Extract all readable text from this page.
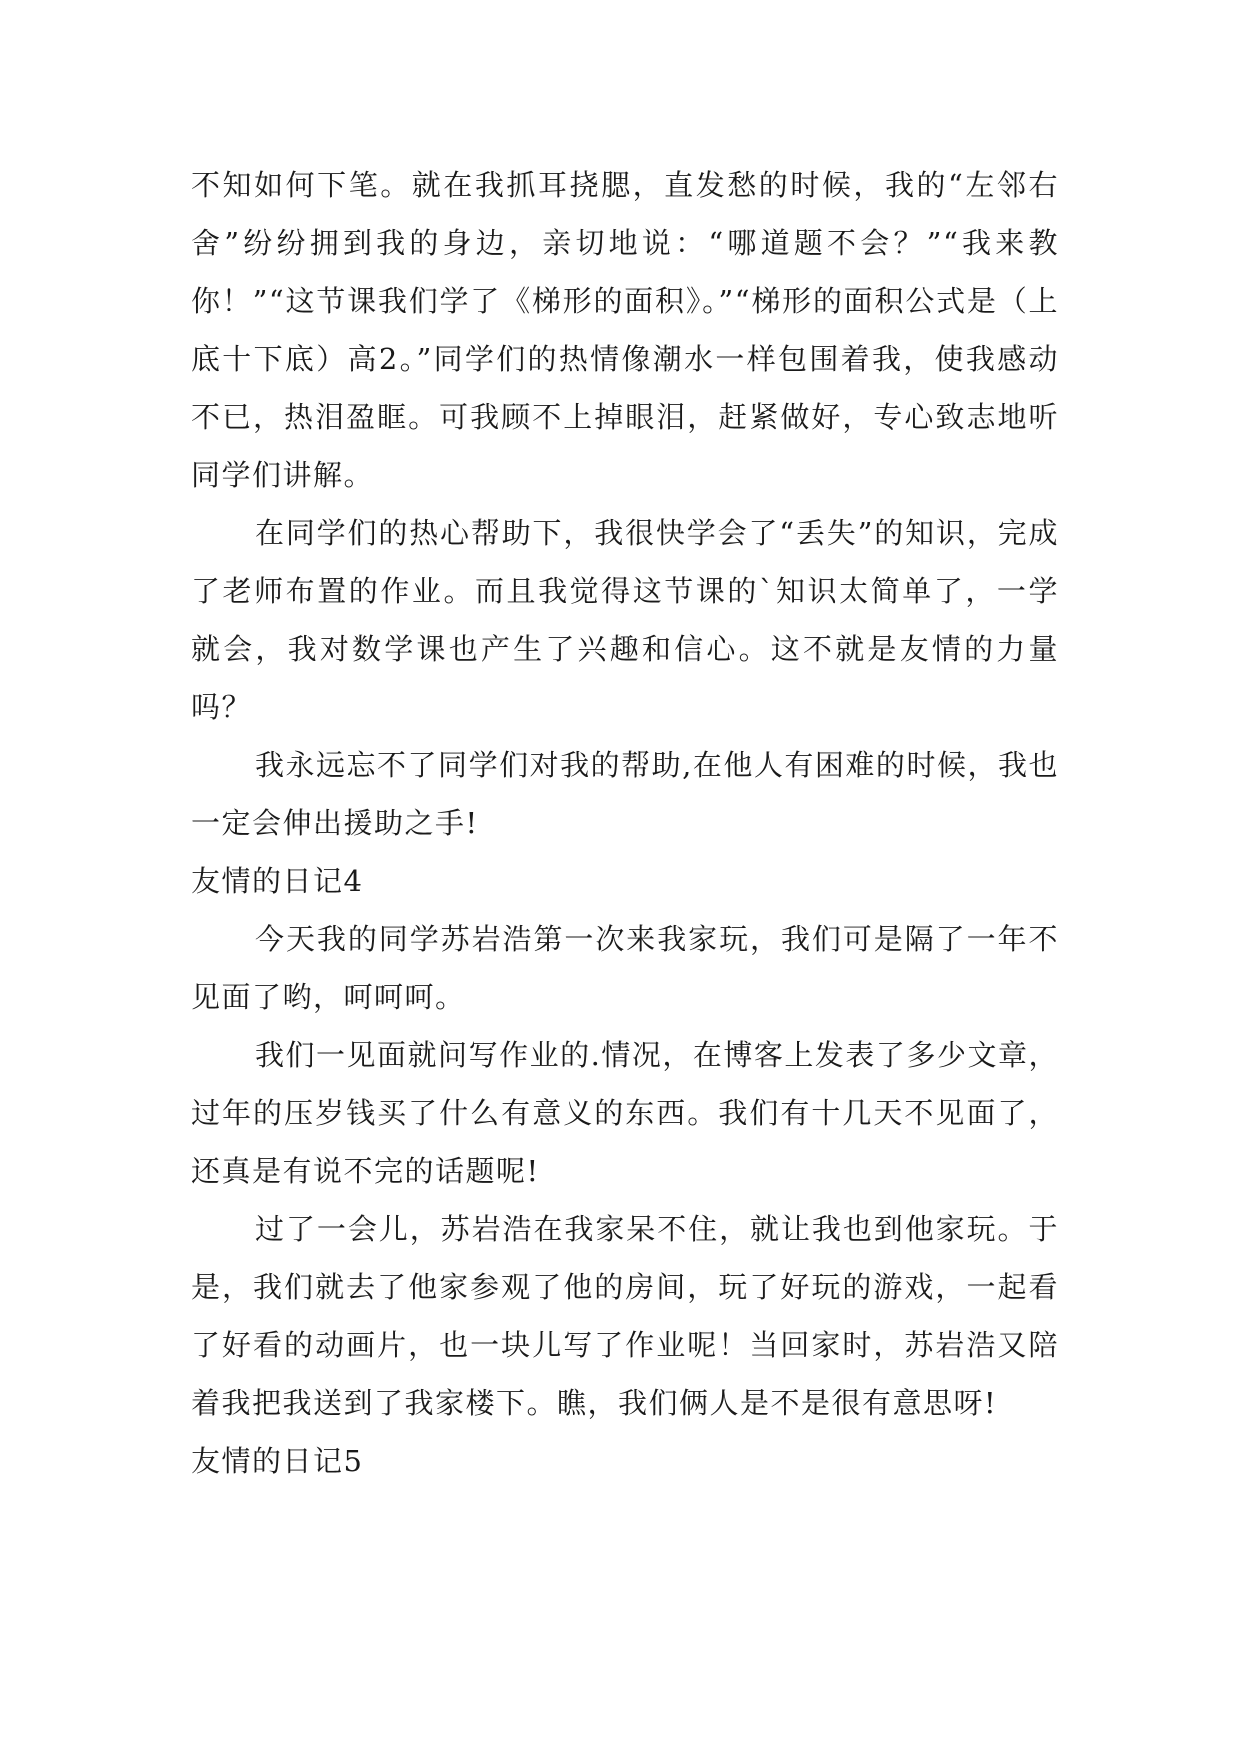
不知如何下笔。就在我抓耳挠腮，直发愁的时候，我的“左邻右舍”纷纷拥到我的身边，亲切地说：“哪道题不会？”“我来教你！”“这节课我们学了《梯形的面积》。”“梯形的面积公式是（上底十下底）高2。”同学们的热情像潮水一样包围着我，使我感动不已，热泪盈眶。可我顾不上掉眼泪，赶紧做好，专心致志地听同学们讲解。

在同学们的热心帮助下，我很快学会了“丢失”的知识，完成了老师布置的作业。而且我觉得这节课的`知识太简单了，一学就会，我对数学课也产生了兴趣和信心。这不就是友情的力量吗？

我永远忘不了同学们对我的帮助,在他人有困难的时候，我也一定会伸出援助之手!

友情的日记4

今天我的同学苏岩浩第一次来我家玩，我们可是隔了一年不见面了哟，呵呵呵。

我们一见面就问写作业的.情况，在博客上发表了多少文章，过年的压岁钱买了什么有意义的东西。我们有十几天不见面了，还真是有说不完的话题呢!

过了一会儿，苏岩浩在我家呆不住，就让我也到他家玩。于是，我们就去了他家参观了他的房间，玩了好玩的游戏，一起看了好看的动画片，也一块儿写了作业呢！当回家时，苏岩浩又陪着我把我送到了我家楼下。瞧，我们俩人是不是很有意思呀!

友情的日记5
